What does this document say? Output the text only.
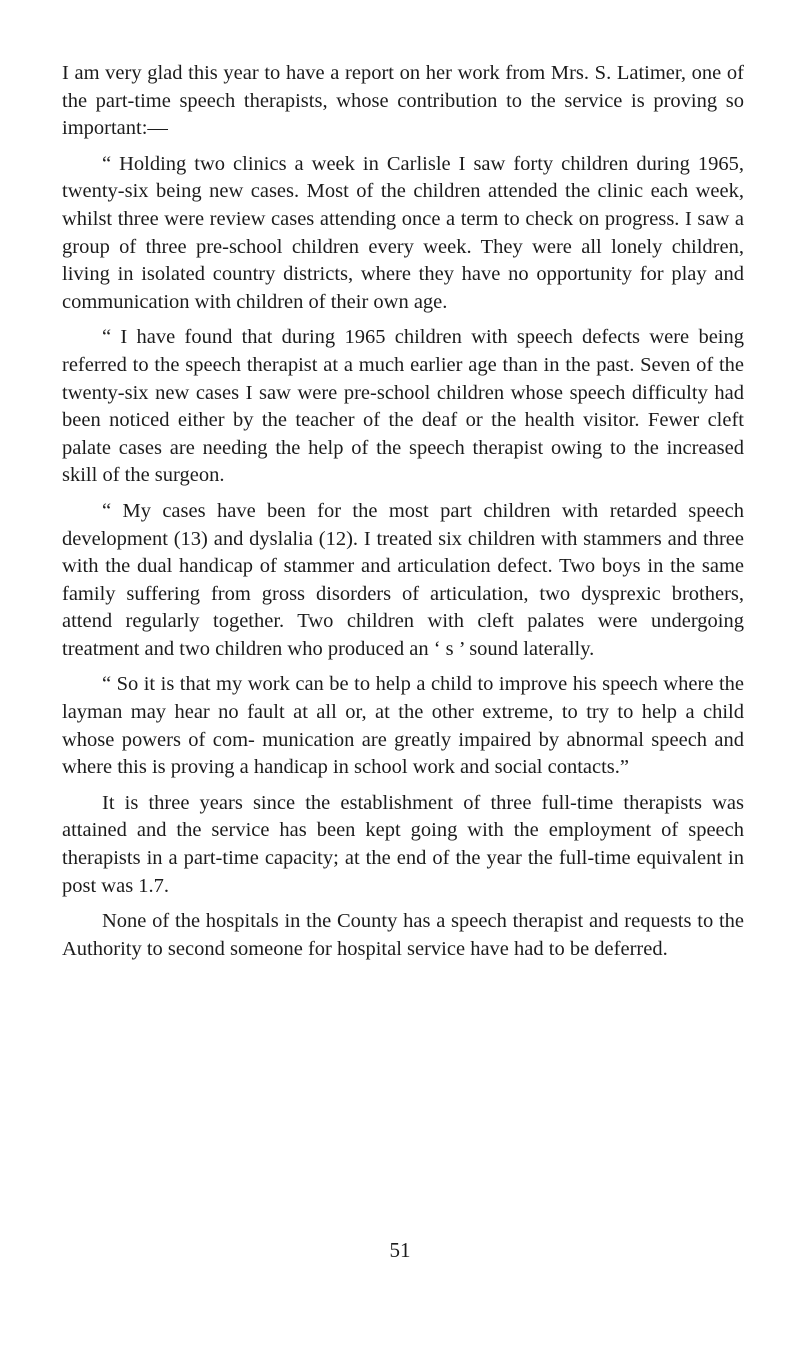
I am very glad this year to have a report on her work from Mrs. S. Latimer, one of the part-time speech therapists, whose contribution to the service is proving so important:—

“ Holding two clinics a week in Carlisle I saw forty children during 1965, twenty-six being new cases. Most of the children attended the clinic each week, whilst three were review cases attending once a term to check on progress. I saw a group of three pre-school children every week. They were all lonely children, living in isolated country districts, where they have no opportunity for play and communication with children of their own age.

“ I have found that during 1965 children with speech defects were being referred to the speech therapist at a much earlier age than in the past. Seven of the twenty-six new cases I saw were pre-school children whose speech difficulty had been noticed either by the teacher of the deaf or the health visitor. Fewer cleft palate cases are needing the help of the speech therapist owing to the increased skill of the surgeon.

“ My cases have been for the most part children with retarded speech development (13) and dyslalia (12). I treated six children with stammers and three with the dual handicap of stammer and articulation defect. Two boys in the same family suffering from gross disorders of articulation, two dysprexic brothers, attend regularly together. Two children with cleft palates were undergoing treatment and two children who produced an ‘ s ’ sound laterally.

“ So it is that my work can be to help a child to improve his speech where the layman may hear no fault at all or, at the other extreme, to try to help a child whose powers of com- munication are greatly impaired by abnormal speech and where this is proving a handicap in school work and social contacts.”

It is three years since the establishment of three full-time therapists was attained and the service has been kept going with the employment of speech therapists in a part-time capacity; at the end of the year the full-time equivalent in post was 1.7.

None of the hospitals in the County has a speech therapist and requests to the Authority to second someone for hospital service have had to be deferred.

51
